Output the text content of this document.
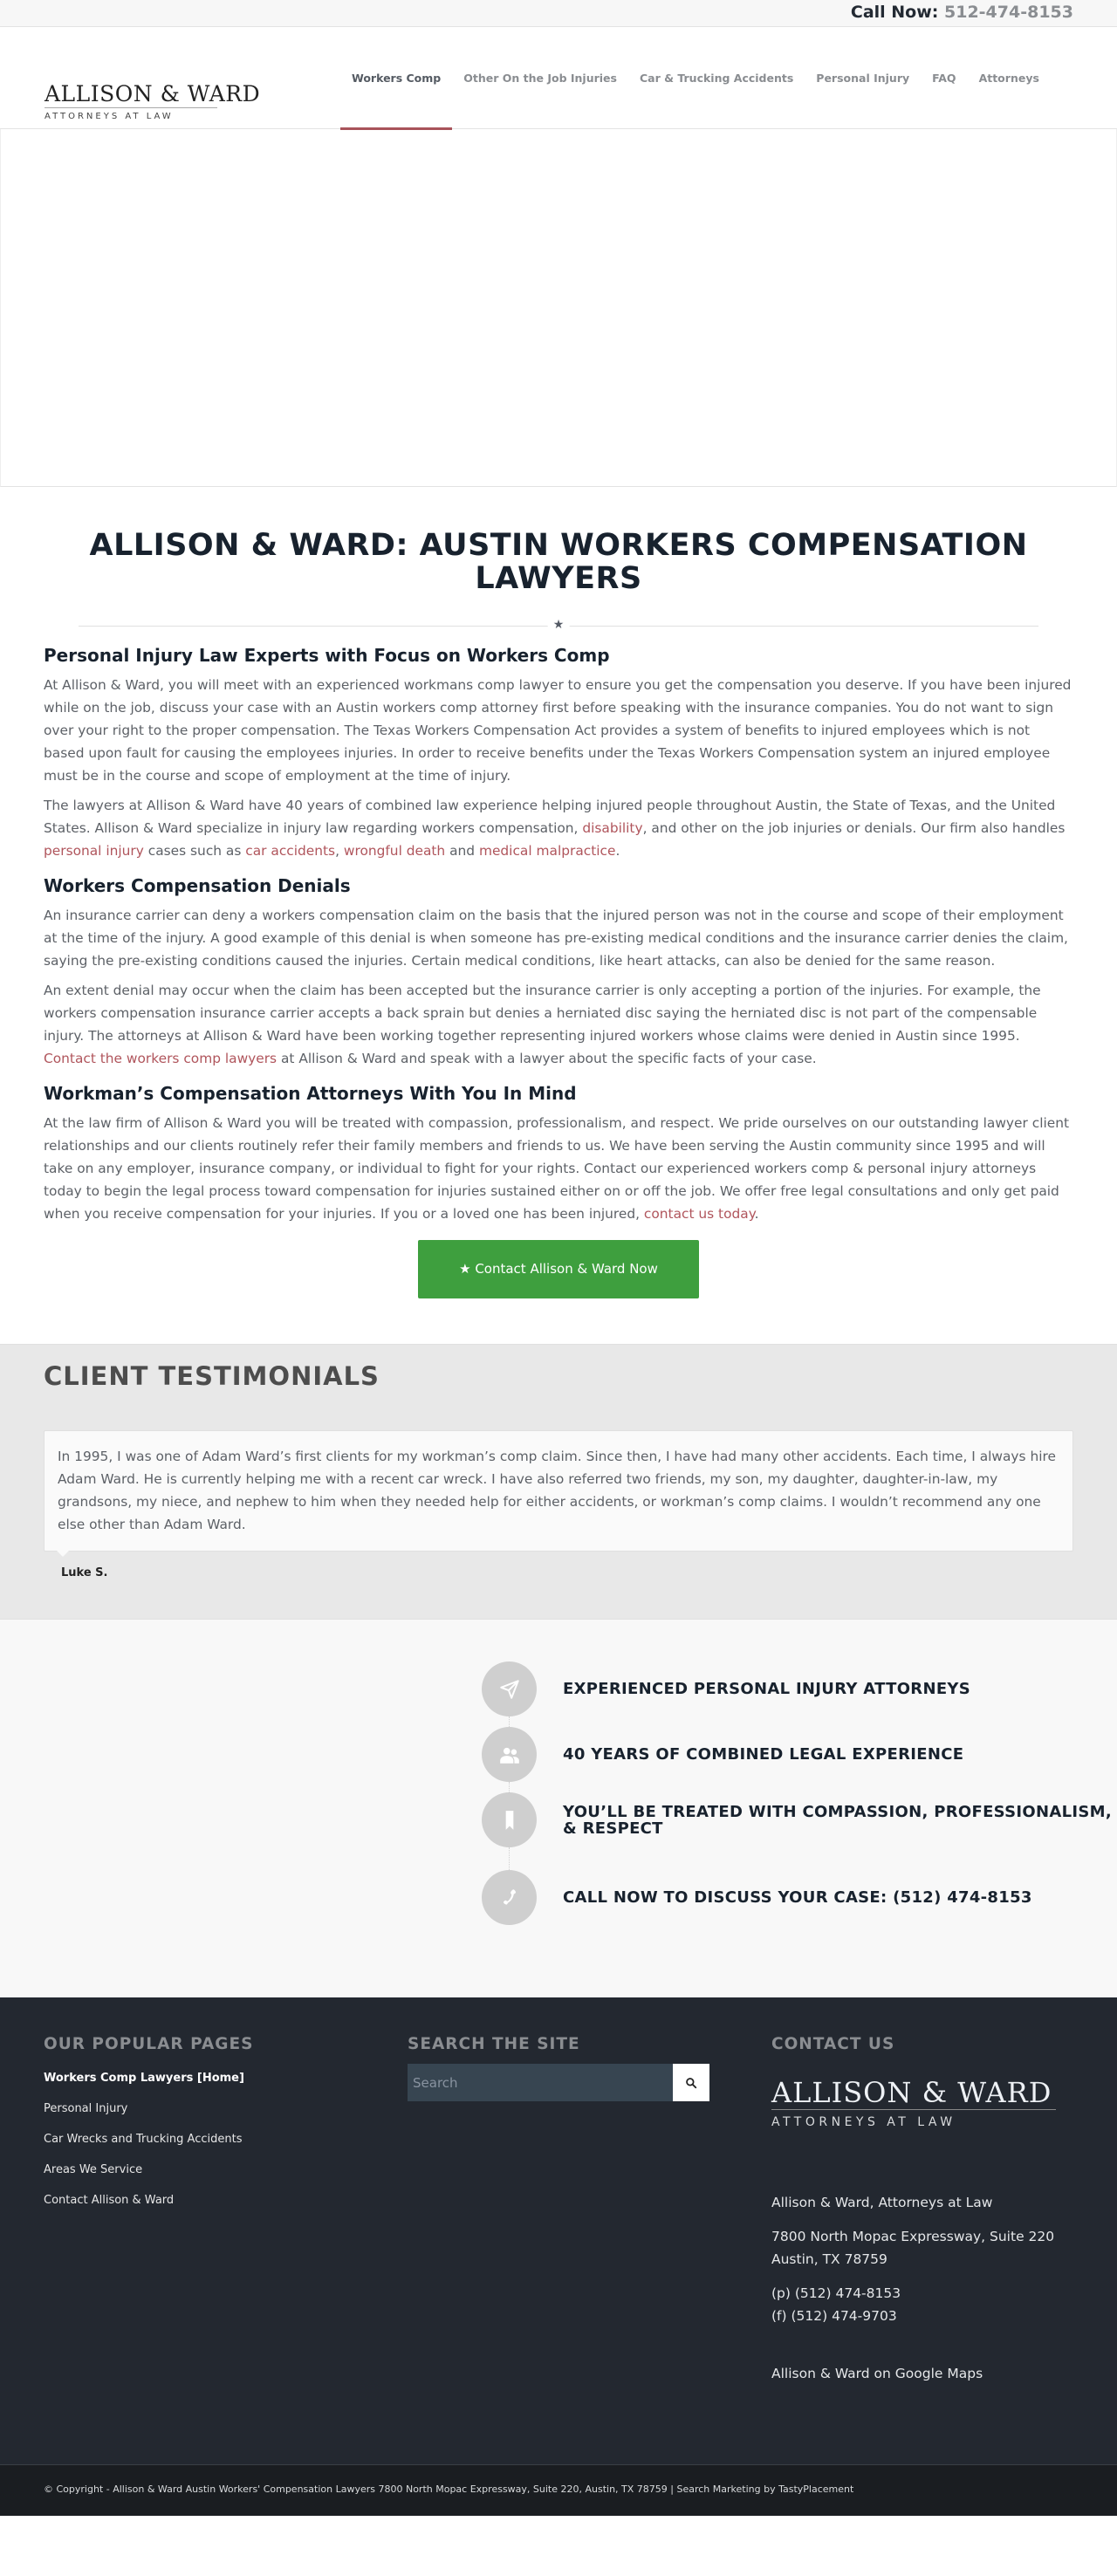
Call Now: 512-474-8153
ALLISON & WARD
ATTORNEYS AT LAW
Workers Comp	Other On the Job Injuries	Car & Trucking Accidents	Personal Injury	FAQ	Attorneys
ALLISON & WARD: AUSTIN WORKERS COMPENSATION LAWYERS
★
Personal Injury Law Experts with Focus on Workers Comp

At Allison & Ward, you will meet with an experienced workmans comp lawyer to ensure you get the compensation you deserve. If you have been injured while on the job, discuss your case with an Austin workers comp attorney first before speaking with the insurance companies. You do not want to sign over your right to the proper compensation. The Texas Workers Compensation Act provides a system of benefits to injured employees which is not based upon fault for causing the employees injuries. In order to receive benefits under the Texas Workers Compensation system an injured employee must be in the course and scope of employment at the time of injury.

The lawyers at Allison & Ward have 40 years of combined law experience helping injured people throughout Austin, the State of Texas, and the United States. Allison & Ward specialize in injury law regarding workers compensation, disability, and other on the job injuries or denials. Our firm also handles personal injury cases such as car accidents, wrongful death and medical malpractice.

Workers Compensation Denials

An insurance carrier can deny a workers compensation claim on the basis that the injured person was not in the course and scope of their employment at the time of the injury. A good example of this denial is when someone has pre-existing medical conditions and the insurance carrier denies the claim, saying the pre-existing conditions caused the injuries. Certain medical conditions, like heart attacks, can also be denied for the same reason.

An extent denial may occur when the claim has been accepted but the insurance carrier is only accepting a portion of the injuries. For example, the workers compensation insurance carrier accepts a back sprain but denies a herniated disc saying the herniated disc is not part of the compensable injury. The attorneys at Allison & Ward have been working together representing injured workers whose claims were denied in Austin since 1995. Contact the workers comp lawyers at Allison & Ward and speak with a lawyer about the specific facts of your case.

Workman’s Compensation Attorneys With You In Mind

At the law firm of Allison & Ward you will be treated with compassion, professionalism, and respect. We pride ourselves on our outstanding lawyer client relationships and our clients routinely refer their family members and friends to us. We have been serving the Austin community since 1995 and will take on any employer, insurance company, or individual to fight for your rights. Contact our experienced workers comp & personal injury attorneys today to begin the legal process toward compensation for injuries sustained either on or off the job. We offer free legal consultations and only get paid when you receive compensation for your injuries. If you or a loved one has been injured, contact us today.

★ Contact Allison & Ward Now
CLIENT TESTIMONIALS

In 1995, I was one of Adam Ward’s first clients for my workman’s comp claim. Since then, I have had many other accidents. Each time, I always hire Adam Ward. He is currently helping me with a recent car wreck. I have also referred two friends, my son, my daughter, daughter-in-law, my grandsons, my niece, and nephew to him when they needed help for either accidents, or workman’s comp claims. I wouldn’t recommend any one else other than Adam Ward.

Luke S.
EXPERIENCED PERSONAL INJURY ATTORNEYS
40 YEARS OF COMBINED LEGAL EXPERIENCE
YOU’LL BE TREATED WITH COMPASSION, PROFESSIONALISM, & RESPECT
CALL NOW TO DISCUSS YOUR CASE: (512) 474-8153
OUR POPULAR PAGES
Workers Comp Lawyers [Home]
Personal Injury
Car Wrecks and Trucking Accidents
Areas We Service
Contact Allison & Ward
SEARCH THE SITE
Search	CONTACT US
ALLISON & WARD
ATTORNEYS AT LAW

Allison & Ward, Attorneys at Law

7800 North Mopac Expressway, Suite 220
Austin, TX 78759

(p) (512) 474-8153
(f) (512) 474-9703

Allison & Ward on Google Maps

© Copyright - Allison & Ward Austin Workers' Compensation Lawyers 7800 North Mopac Expressway, Suite 220, Austin, TX 78759 | Search Marketing by TastyPlacement
